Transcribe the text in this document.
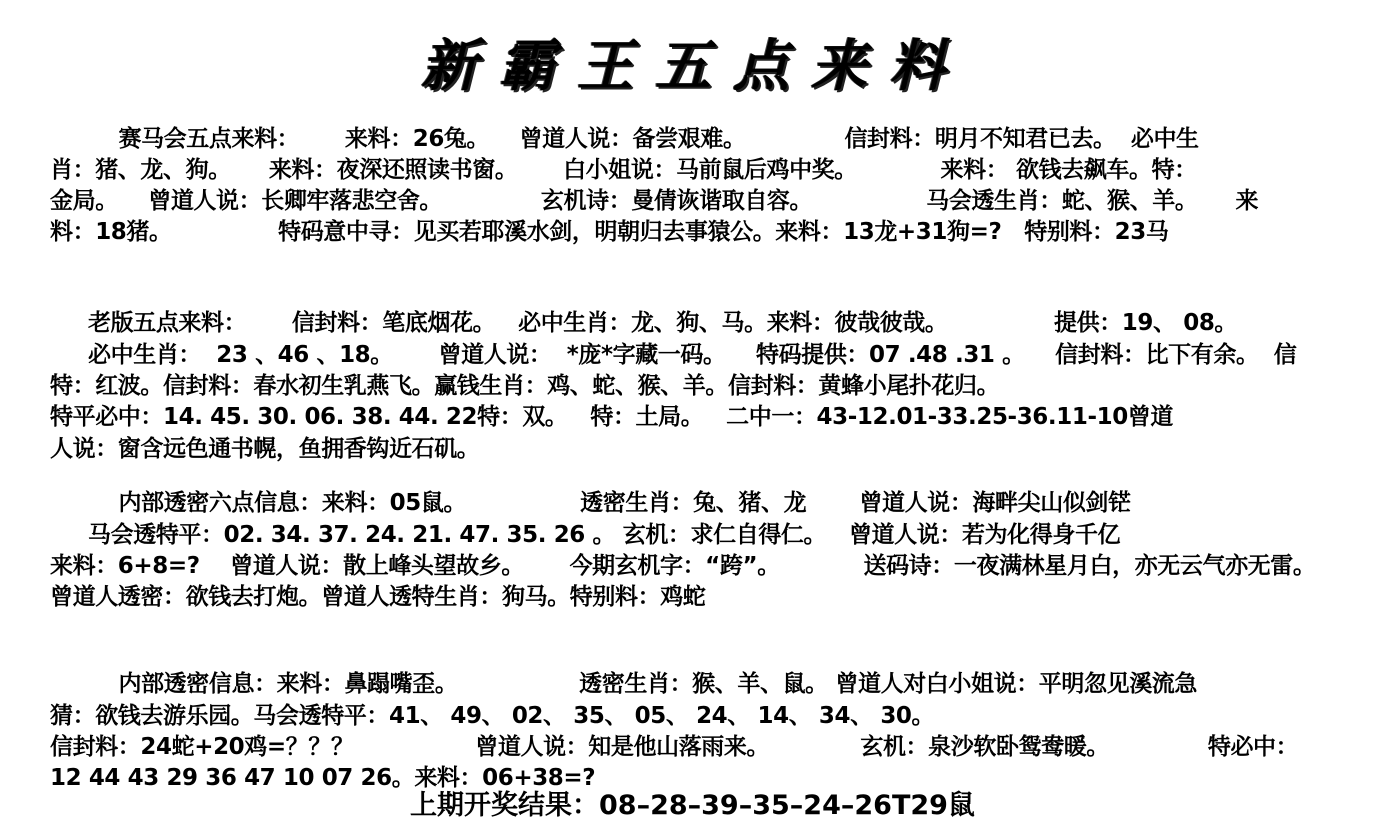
新霸王五点来料
赛马会五点来料：      来料：26兔。    曾道人说：备尝艰难。             信封料：明月不知君已去。  必中生
肖：猪、龙、狗。     来料：夜深还照读书窗。      白小姐说：马前鼠后鸡中奖。           来料： 欲钱去飙车。特：
金局。    曾道人说：长卿牢落悲空舍。             玄机诗：曼倩诙谐取自容。               马会透生肖：蛇、猴、羊。     来
料：18猪。              特码意中寻：见买若耶溪水剑，明朝归去事猿公。来料：13龙+31狗=?   特别料：23马
老版五点来料：      信封料：笔底烟花。   必中生肖：龙、狗、马。来料：彼哉彼哉。              提供：19、 08。
必中生肖：  23 、46 、18。      曾道人说：  *庞*字藏一码。    特码提供：07 .48 .31 。    信封料：比下有余。  信
特：红波。信封料：春水初生乳燕飞。赢钱生肖：鸡、蛇、猴、羊。信封料：黄蜂小尾扑花归。
特平必中：14. 45. 30. 06. 38. 44. 22特：双。   特：土局。   二中一：43-12.01-33.25-36.11-10曾道
人说：窗含远色通书幌，鱼拥香钩近石矶。
内部透密六点信息：来料：05鼠。               透密生肖：兔、猪、龙       曾道人说：海畔尖山似剑铓
马会透特平：02. 34. 37. 24. 21. 47. 35. 26 。 玄机：求仁自得仁。   曾道人说：若为化得身千亿
来料：6+8=?    曾道人说：散上峰头望故乡。      今期玄机字：“跨”。           送码诗：一夜满林星月白，亦无云气亦无雷。
曾道人透密：欲钱去打炮。曾道人透特生肖：狗马。特别料：鸡蛇
内部透密信息：来料：鼻蹋嘴歪。                透密生肖：猴、羊、鼠。 曾道人对白小姐说：平明忽见溪流急
猜：欲钱去游乐园。马会透特平：41、 49、 02、 35、 05、 24、 14、 34、 30。
信封料：24蛇+20鸡=？？？                曾道人说：知是他山落雨来。            玄机：泉沙软卧鸳鸯暖。             特必中：
12 44 43 29 36 47 10 07 26。来料：06+38=?
上期开奖结果：08–28–39–35–24–26T29鼠
